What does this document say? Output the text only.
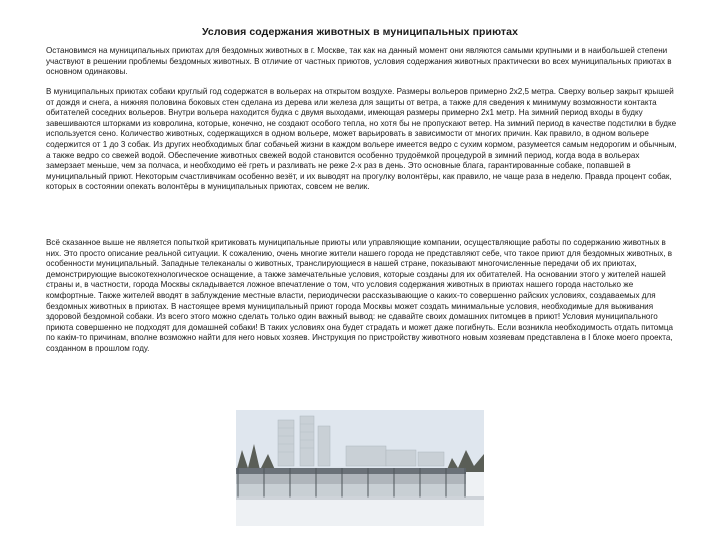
Условия содержания животных в муниципальных приютах

Остановимся на муниципальных приютах для бездомных животных в г. Москве, так как на данный момент они являются самыми крупными и в наибольшей степени участвуют в решении проблемы бездомных животных. В отличие от частных приютов, условия содержания животных практически во всех муниципальных приютах в основном одинаковы.

В муниципальных приютах собаки круглый год содержатся в вольерах на открытом воздухе. Размеры вольеров примерно 2х2,5 метра. Сверху вольер закрыт крышей от дождя и снега, а нижняя половина боковых стен сделана из дерева или железа для защиты от ветра, а также для сведения к минимуму возможности контакта обитателей соседних вольеров. Внутри вольера находится будка с двумя выходами, имеющая размеры примерно 2х1 метр. На зимний период входы в будку завешиваются шторками из ковролина, которые, конечно, не создают особого тепла, но хотя бы не пропускают ветер. На зимний период в качестве подстилки в будке используется сено. Количество животных, содержащихся в одном вольере, может варьировать в зависимости от многих причин. Как правило, в одном вольере содержится от 1 до 3 собак. Из других необходимых благ собачьей жизни в каждом вольере имеется ведро с сухим кормом, разумеется самым недорогим и обычным, а также ведро со свежей водой. Обеспечение животных свежей водой становится особенно трудоёмкой процедурой в зимний период, когда вода в вольерах замерзает меньше, чем за полчаса, и необходимо её греть и разливать не реже 2-х раз в день. Это основные блага, гарантированные собаке, попавшей в муниципальный приют. Некоторым счастливчикам особенно везёт, и их выводят на прогулку волонтёры, как правило, не чаще раза в неделю. Правда процент собак, которых в состоянии опекать волонтёры в муниципальных приютах, совсем не велик.

Всё сказанное выше не является попыткой критиковать муниципальные приюты или управляющие компании, осуществляющие работы по содержанию животных в них. Это просто описание реальной ситуации. К сожалению, очень многие жители нашего города не представляют себе, что такое приют для бездомных животных, в особенности муниципальный. Западные телеканалы о животных, транслирующиеся в нашей стране, показывают многочисленные передачи об их приютах, демонстрирующие высокотехнологическое оснащение, а также замечательные условия, которые созданы для их обитателей. На основании этого у жителей нашей страны и, в частности, города Москвы складывается ложное впечатление о том, что условия содержания животных в приютах нашего города настолько же комфортные. Также жителей вводят в заблуждение местные власти, периодически рассказывающие о каких-то совершенно райских условиях, создаваемых для бездомных животных в приютах. В настоящее время муниципальный приют города Москвы может создать минимальные условия, необходимые для выживания здоровой бездомной собаки. Из всего этого можно сделать только один важный вывод: не сдавайте своих домашних питомцев в приют! Условия муниципального приюта совершенно не подходят для домашней собаки! В таких условиях она будет страдать и может даже погибнуть. Если возникла необходимость отдать питомца по какім-то причинам, вполне возможно найти для него новых хозяев. Инструкция по пристройству животного новым хозяевам представлена в I блоке моего проекта, созданном в прошлом году.
